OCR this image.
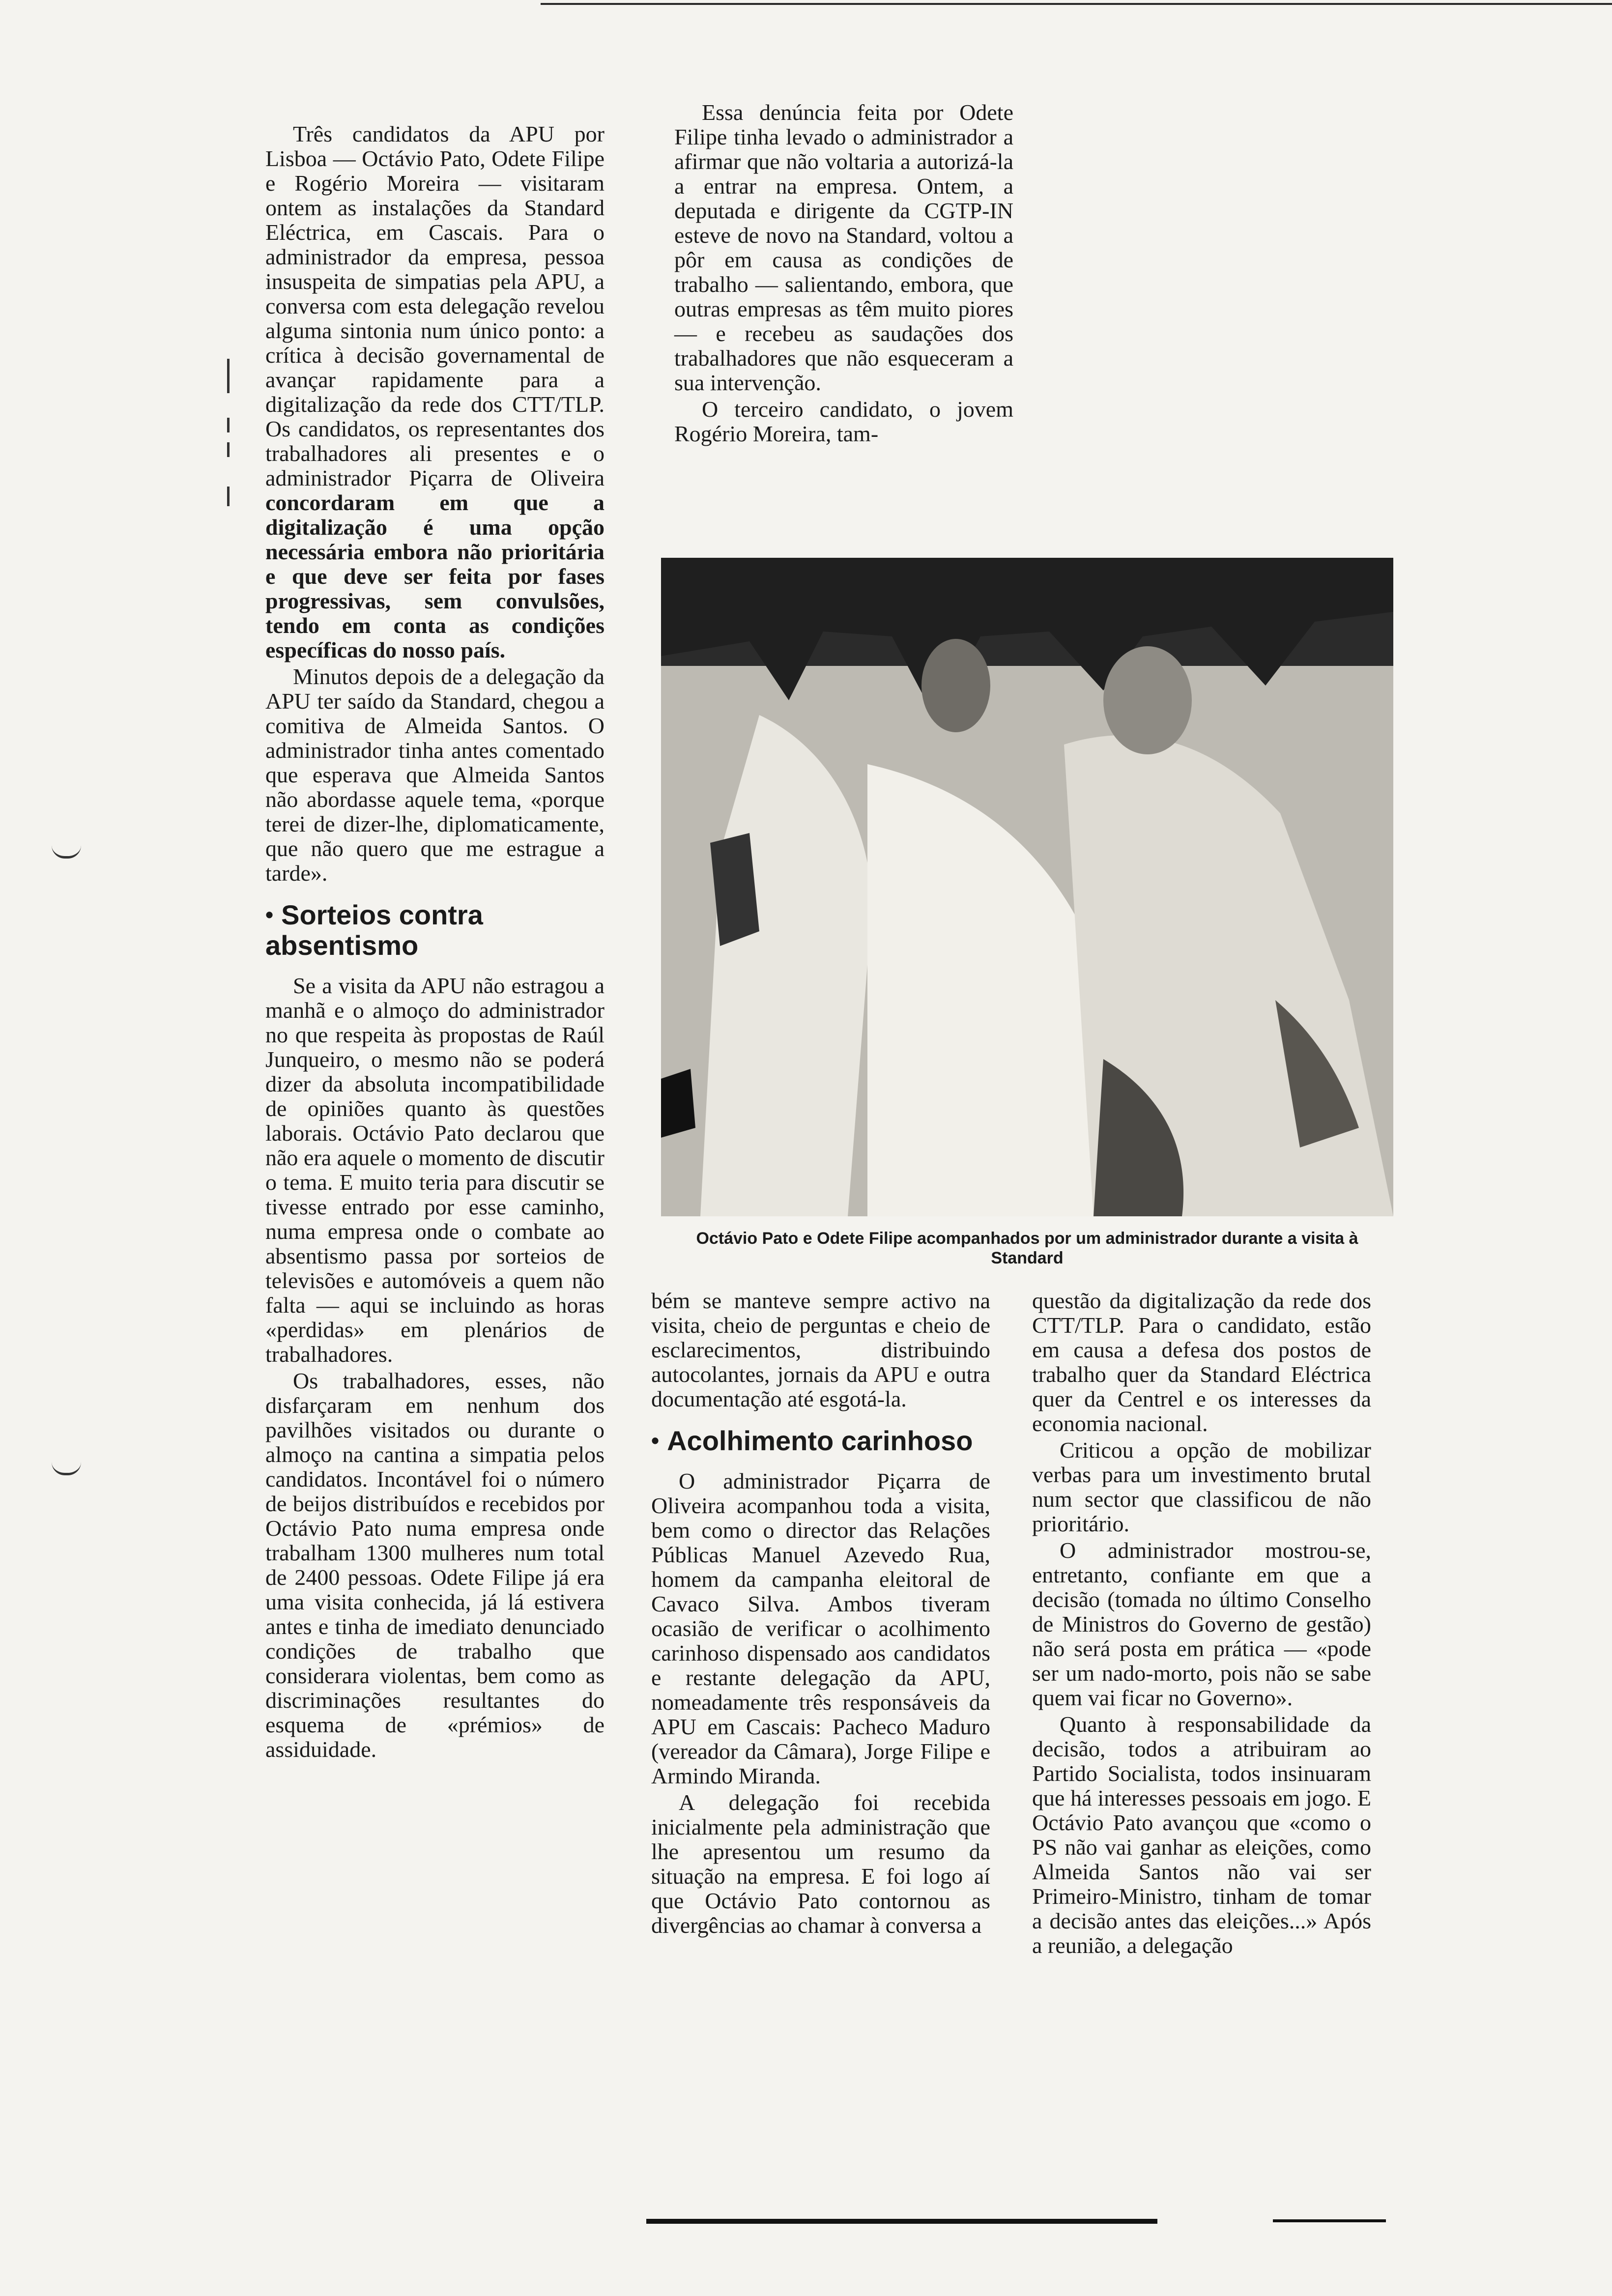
Três candidatos da APU por Lisboa — Octávio Pato, Odete Filipe e Rogério Moreira — visitaram ontem as instalações da Standard Eléctrica, em Cascais. Para o administrador da empresa, pessoa insuspeita de simpatias pela APU, a conversa com esta delegação revelou alguma sintonia num único ponto: a crítica à decisão governamental de avançar rapidamente para a digitalização da rede dos CTT/TLP. Os candidatos, os representantes dos trabalhadores ali presentes e o administrador Piçarra de Oliveira concordaram em que a digitalização é uma opção necessária embora não prioritária e que deve ser feita por fases progressivas, sem convulsões, tendo em conta as condições específicas do nosso país.

Minutos depois de a delegação da APU ter saído da Standard, chegou a comitiva de Almeida Santos. O administrador tinha antes comentado que esperava que Almeida Santos não abordasse aquele tema, «porque terei de dizer-lhe, diplomaticamente, que não quero que me estrague a tarde».

• Sorteios contra absentismo

Se a visita da APU não estragou a manhã e o almoço do administrador no que respeita às propostas de Raúl Junqueiro, o mesmo não se poderá dizer da absoluta incompatibilidade de opiniões quanto às questões laborais. Octávio Pato declarou que não era aquele o momento de discutir o tema. E muito teria para discutir se tivesse entrado por esse caminho, numa empresa onde o combate ao absentismo passa por sorteios de televisões e automóveis a quem não falta — aqui se incluindo as horas «perdidas» em plenários de trabalhadores.

Os trabalhadores, esses, não disfarçaram em nenhum dos pavilhões visitados ou durante o almoço na cantina a simpatia pelos candidatos. Incontável foi o número de beijos distribuídos e recebidos por Octávio Pato numa empresa onde trabalham 1300 mulheres num total de 2400 pessoas. Odete Filipe já era uma visita conhecida, já lá estivera antes e tinha de imediato denunciado condições de trabalho que considerara violentas, bem como as discriminações resultantes do esquema de «prémios» de assiduidade.

Essa denúncia feita por Odete Filipe tinha levado o administrador a afirmar que não voltaria a autorizá-la a entrar na empresa. Ontem, a deputada e dirigente da CGTP-IN esteve de novo na Standard, voltou a pôr em causa as condições de trabalho — salientando, embora, que outras empresas as têm muito piores — e recebeu as saudações dos trabalhadores que não esqueceram a sua intervenção.

O terceiro candidato, o jovem Rogério Moreira, tam-

Octávio Pato e Odete Filipe acompanhados por um administrador durante a visita à Standard

bém se manteve sempre activo na visita, cheio de perguntas e cheio de esclarecimentos, distribuindo autocolantes, jornais da APU e outra documentação até esgotá-la.

• Acolhimento carinhoso

O administrador Piçarra de Oliveira acompanhou toda a visita, bem como o director das Relações Públicas Manuel Azevedo Rua, homem da campanha eleitoral de Cavaco Silva. Ambos tiveram ocasião de verificar o acolhimento carinhoso dispensado aos candidatos e restante delegação da APU, nomeadamente três responsáveis da APU em Cascais: Pacheco Maduro (vereador da Câmara), Jorge Filipe e Armindo Miranda.

A delegação foi recebida inicialmente pela administração que lhe apresentou um resumo da situação na empresa. E foi logo aí que Octávio Pato contornou as divergências ao chamar à conversa a

questão da digitalização da rede dos CTT/TLP. Para o candidato, estão em causa a defesa dos postos de trabalho quer da Standard Eléctrica quer da Centrel e os interesses da economia nacional.

Criticou a opção de mobilizar verbas para um investimento brutal num sector que classificou de não prioritário.

O administrador mostrou-se, entretanto, confiante em que a decisão (tomada no último Conselho de Ministros do Governo de gestão) não será posta em prática — «pode ser um nado-morto, pois não se sabe quem vai ficar no Governo».

Quanto à responsabilidade da decisão, todos a atribuiram ao Partido Socialista, todos insinuaram que há interesses pessoais em jogo. E Octávio Pato avançou que «como o PS não vai ganhar as eleições, como Almeida Santos não vai ser Primeiro-Ministro, tinham de tomar a decisão antes das eleições...» Após a reunião, a delegação
